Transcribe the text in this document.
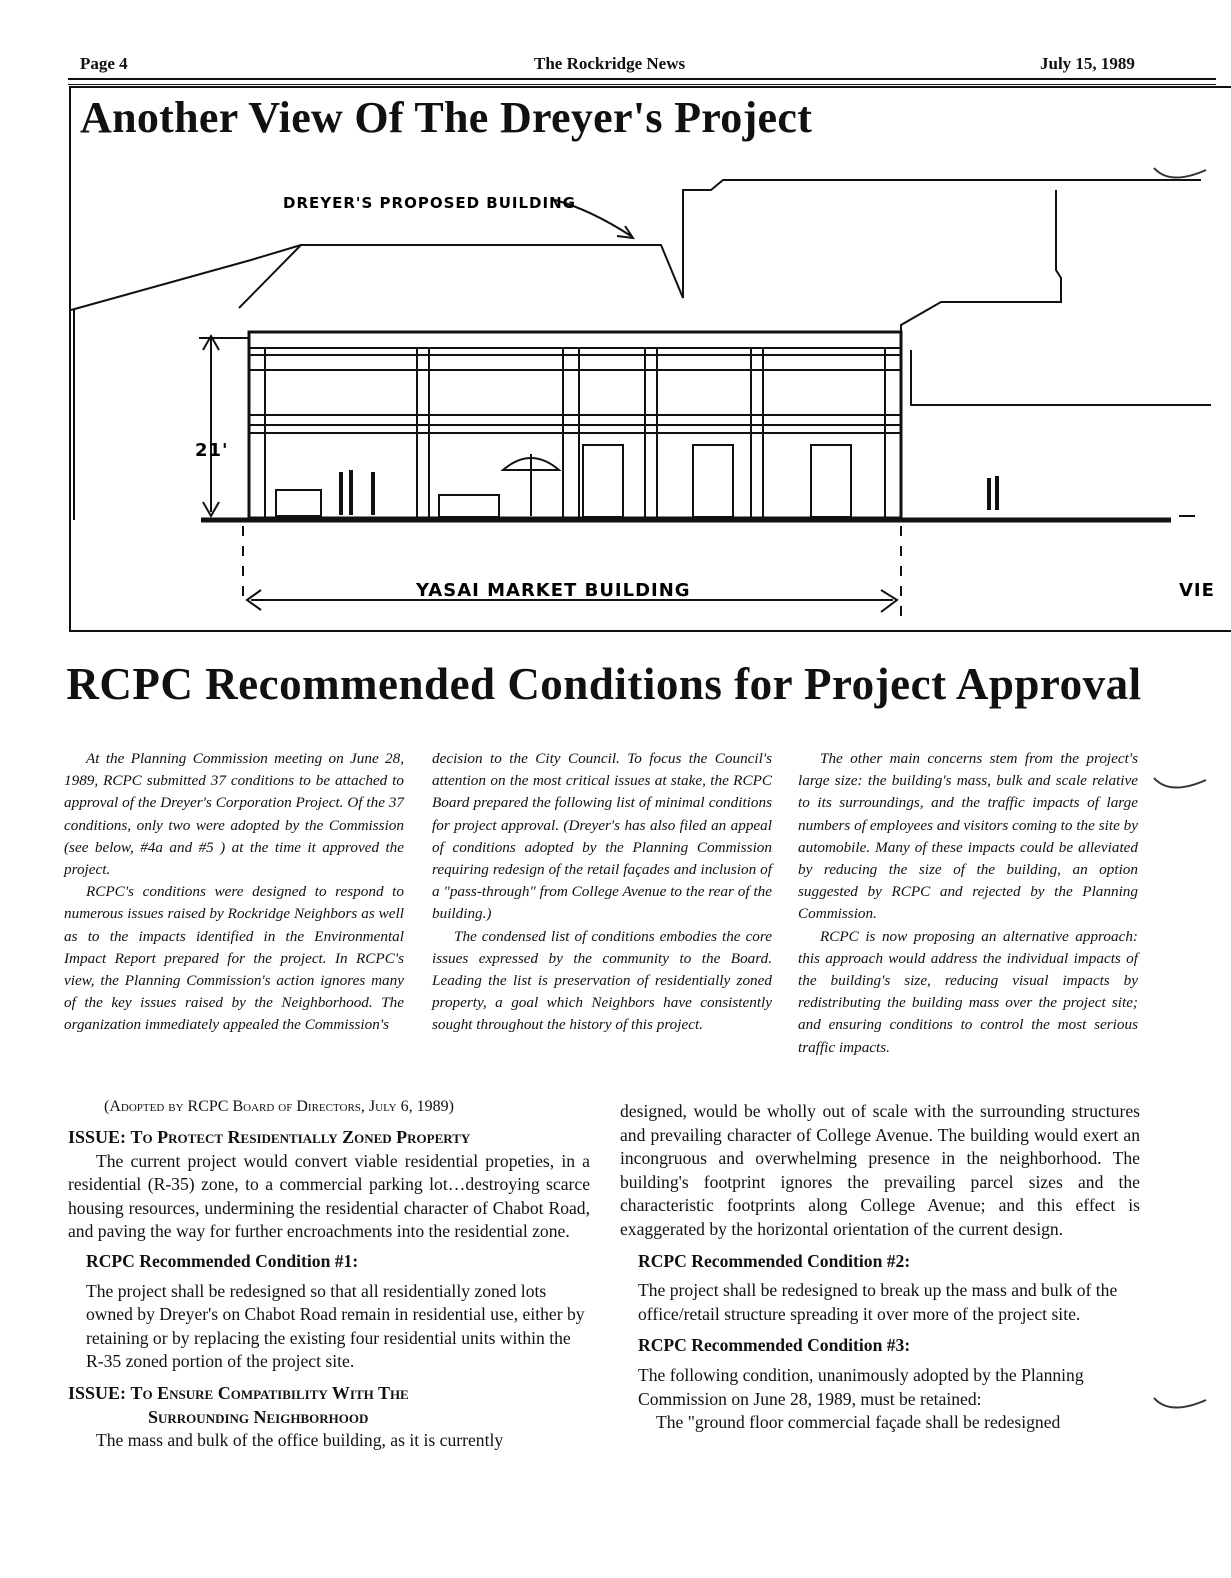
Page 4	The Rockridge News	July 15, 1989
Another View Of The Dreyer's Project
DREYER'S PROPOSED BUILDING
21'
YASAI MARKET BUILDING	VIE
RCPC Recommended Conditions for Project Approval

At the Planning Commission meeting on June 28, 1989, RCPC submitted 37 conditions to be attached to approval of the Dreyer's Corporation Project. Of the 37 conditions, only two were adopted by the Commission (see below, #4a and #5 ) at the time it approved the project.

RCPC's conditions were designed to respond to numerous issues raised by Rockridge Neighbors as well as to the impacts identified in the Environmental Impact Report prepared for the project. In RCPC's view, the Planning Commission's action ignores many of the key issues raised by the Neighborhood. The organization immediately appealed the Commission's

decision to the City Council. To focus the Council's attention on the most critical issues at stake, the RCPC Board prepared the following list of minimal conditions for project approval. (Dreyer's has also filed an appeal of conditions adopted by the Planning Commission requiring redesign of the retail façades and inclusion of a "pass-through" from College Avenue to the rear of the building.)

The condensed list of conditions embodies the core issues expressed by the community to the Board. Leading the list is preservation of residentially zoned property, a goal which Neighbors have consistently sought throughout the history of this project.

The other main concerns stem from the project's large size: the building's mass, bulk and scale relative to its surroundings, and the traffic impacts of large numbers of employees and visitors coming to the site by automobile. Many of these impacts could be alleviated by reducing the size of the building, an option suggested by RCPC and rejected by the Planning Commission.

RCPC is now proposing an alternative approach: this approach would address the individual impacts of the building's size, reducing visual impacts by redistributing the building mass over the project site; and ensuring conditions to control the most serious traffic impacts.

(Adopted by RCPC Board of Directors, July 6, 1989)

ISSUE: To Protect Residentially Zoned Property

The current project would convert viable residential propeties, in a residential (R-35) zone, to a commercial parking lot…destroying scarce housing resources, undermining the residential character of Chabot Road, and paving the way for further encroachments into the residential zone.

RCPC Recommended Condition #1:

The project shall be redesigned so that all residentially zoned lots owned by Dreyer's on Chabot Road remain in residential use, either by retaining or by replacing the existing four residential units within the R-35 zoned portion of the project site.

ISSUE: To Ensure Compatibility With The

Surrounding Neighborhood

The mass and bulk of the office building, as it is currently

designed, would be wholly out of scale with the surrounding structures and prevailing character of College Avenue. The building would exert an incongruous and overwhelming presence in the neighborhood. The building's footprint ignores the prevailing parcel sizes and the characteristic footprints along College Avenue; and this effect is exaggerated by the horizontal orientation of the current design.

RCPC Recommended Condition #2:

The project shall be redesigned to break up the mass and bulk of the office/retail structure spreading it over more of the project site.

RCPC Recommended Condition #3:

The following condition, unanimously adopted by the Planning Commission on June 28, 1989, must be retained:

The "ground floor commercial façade shall be redesigned
